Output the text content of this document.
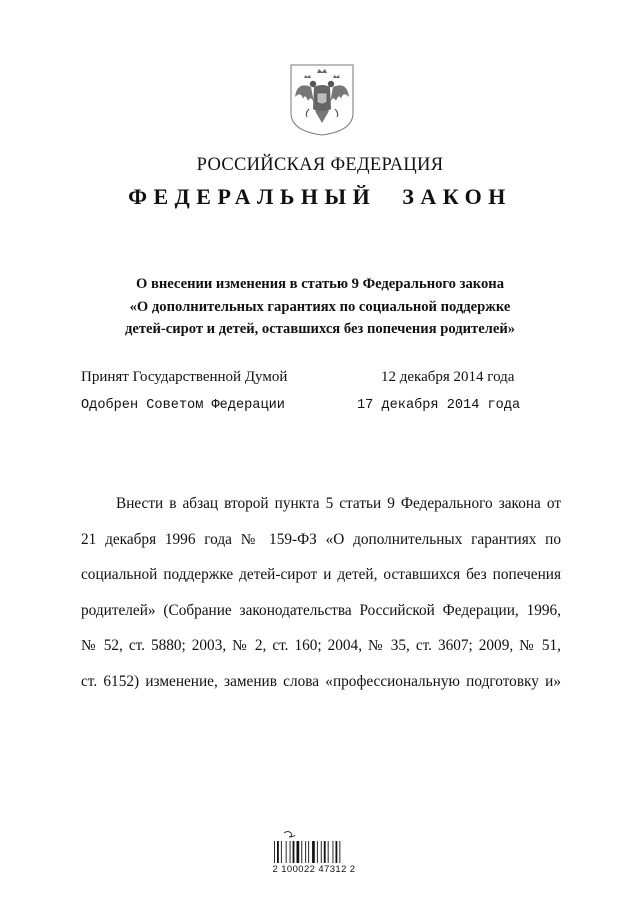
РОССИЙСКАЯ ФЕДЕРАЦИЯ
ФЕДЕРАЛЬНЫЙ ЗАКОН
О внесении изменения в статью 9 Федерального закона
«О дополнительных гарантиях по социальной поддержке
детей-сирот и детей, оставшихся без попечения родителей»
Принят Государственной Думой	12 декабря 2014 года
Одобрен Советом Федерации	17 декабря 2014 года
Внести в абзац второй пункта 5 статьи 9 Федерального закона от
21 декабря 1996 года № 159-ФЗ «О дополнительных гарантиях по
социальной поддержке детей-сирот и детей, оставшихся без попечения
родителей» (Собрание законодательства Российской Федерации, 1996,
№ 52, ст. 5880; 2003, № 2, ст. 160; 2004, № 35, ст. 3607; 2009, № 51,
ст. 6152) изменение, заменив слова «профессиональную подготовку и»
2 100022 47312 2
